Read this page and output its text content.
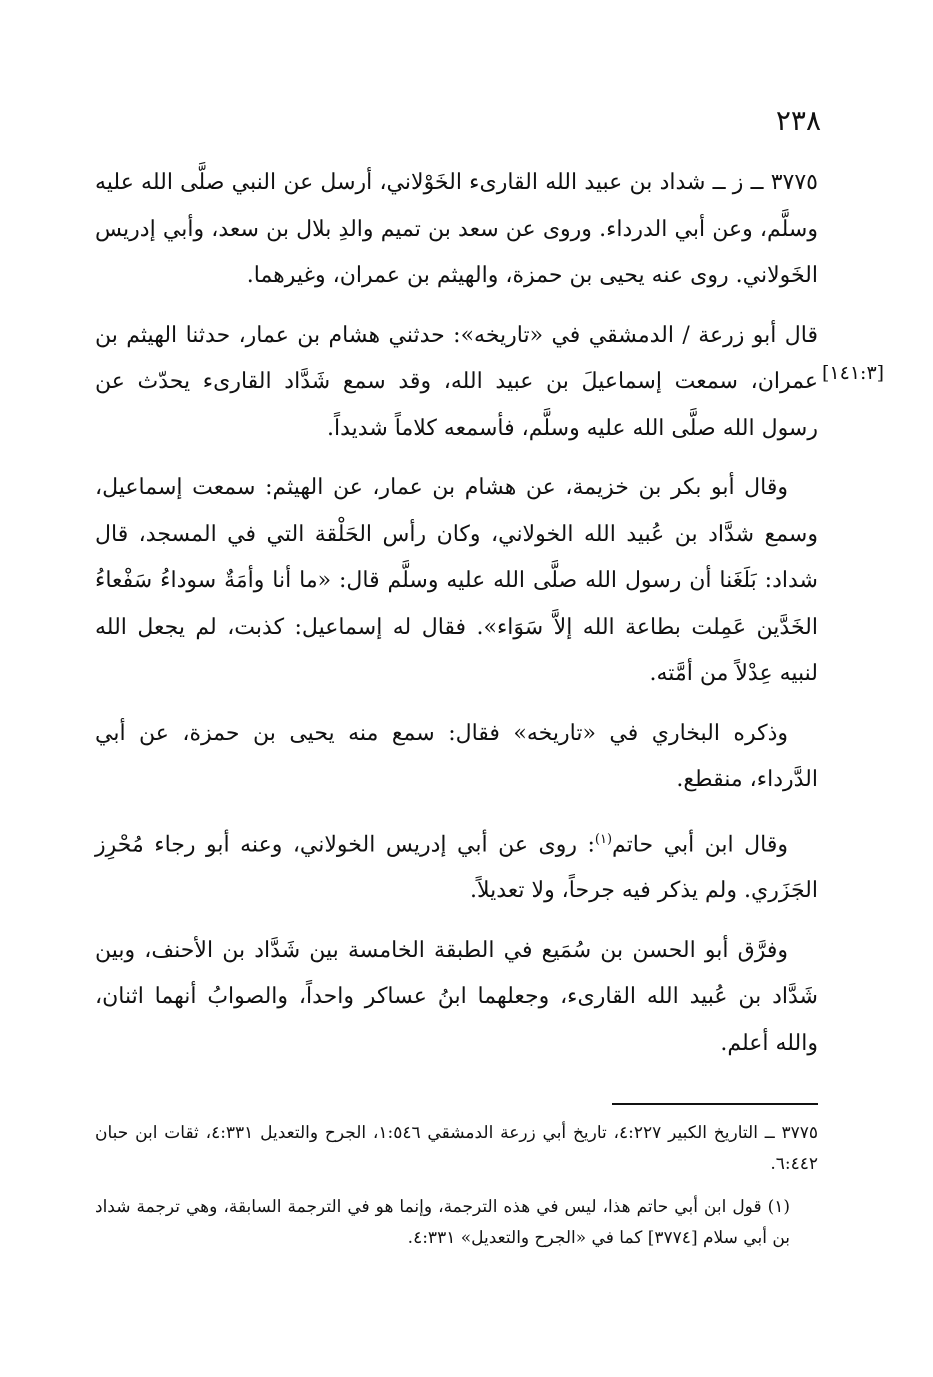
٢٣٨
[١٤١:٣]

٣٧٧٥ ــ ز ــ شداد بن عبيد الله القارىء الخَوْلاني، أرسل عن النبي صلَّى الله عليه وسلَّم، وعن أبي الدرداء. وروى عن سعد بن تميم والدِ بلال بن سعد، وأبي إدريس الخَولاني. روى عنه يحيى بن حمزة، والهيثم بن عمران، وغيرهما.

قال أبو زرعة / الدمشقي في «تاريخه»: حدثني هشام بن عمار، حدثنا الهيثم بن عمران، سمعت إسماعيلَ بن عبيد الله، وقد سمع شَدَّاد القارىء يحدّث عن رسول الله صلَّى الله عليه وسلَّم، فأسمعه كلاماً شديداً.

وقال أبو بكر بن خزيمة، عن هشام بن عمار، عن الهيثم: سمعت إسماعيل، وسمع شدَّاد بن عُبيد الله الخولاني، وكان رأس الحَلْقة التي في المسجد، قال شداد: بَلَغَنا أن رسول الله صلَّى الله عليه وسلَّم قال: «ما أنا وأمَةٌ سوداءُ سَفْعاءُ الخَدَّين عَمِلت بطاعة الله إلاَّ سَوَاء». فقال له إسماعيل: كذبت، لم يجعل الله لنبيه عِدْلاً من أمَّته.

وذكره البخاري في «تاريخه» فقال: سمع منه يحيى بن حمزة، عن أبي الدَّرداء، منقطع.

وقال ابن أبي حاتم$^{(١)}$: روى عن أبي إدريس الخولاني، وعنه أبو رجاء مُحْرِز الجَزَري. ولم يذكر فيه جرحاً، ولا تعديلاً.

وفرَّق أبو الحسن بن سُمَيع في الطبقة الخامسة بين شَدَّاد بن الأحنف، وبين شَدَّاد بن عُبيد الله القارىء، وجعلهما ابنُ عساكر واحداً، والصوابُ أنهما اثنان، والله أعلم.

٣٧٧٥ ــ التاريخ الكبير ٤:٢٢٧، تاريخ أبي زرعة الدمشقي ١:٥٤٦، الجرح والتعديل ٤:٣٣١، ثقات ابن حبان ٦:٤٤٢.

(١) قول ابن أبي حاتم هذا، ليس في هذه الترجمة، وإنما هو في الترجمة السابقة، وهي ترجمة شداد بن أبي سلام [٣٧٧٤] كما في «الجرح والتعديل» ٤:٣٣١.
